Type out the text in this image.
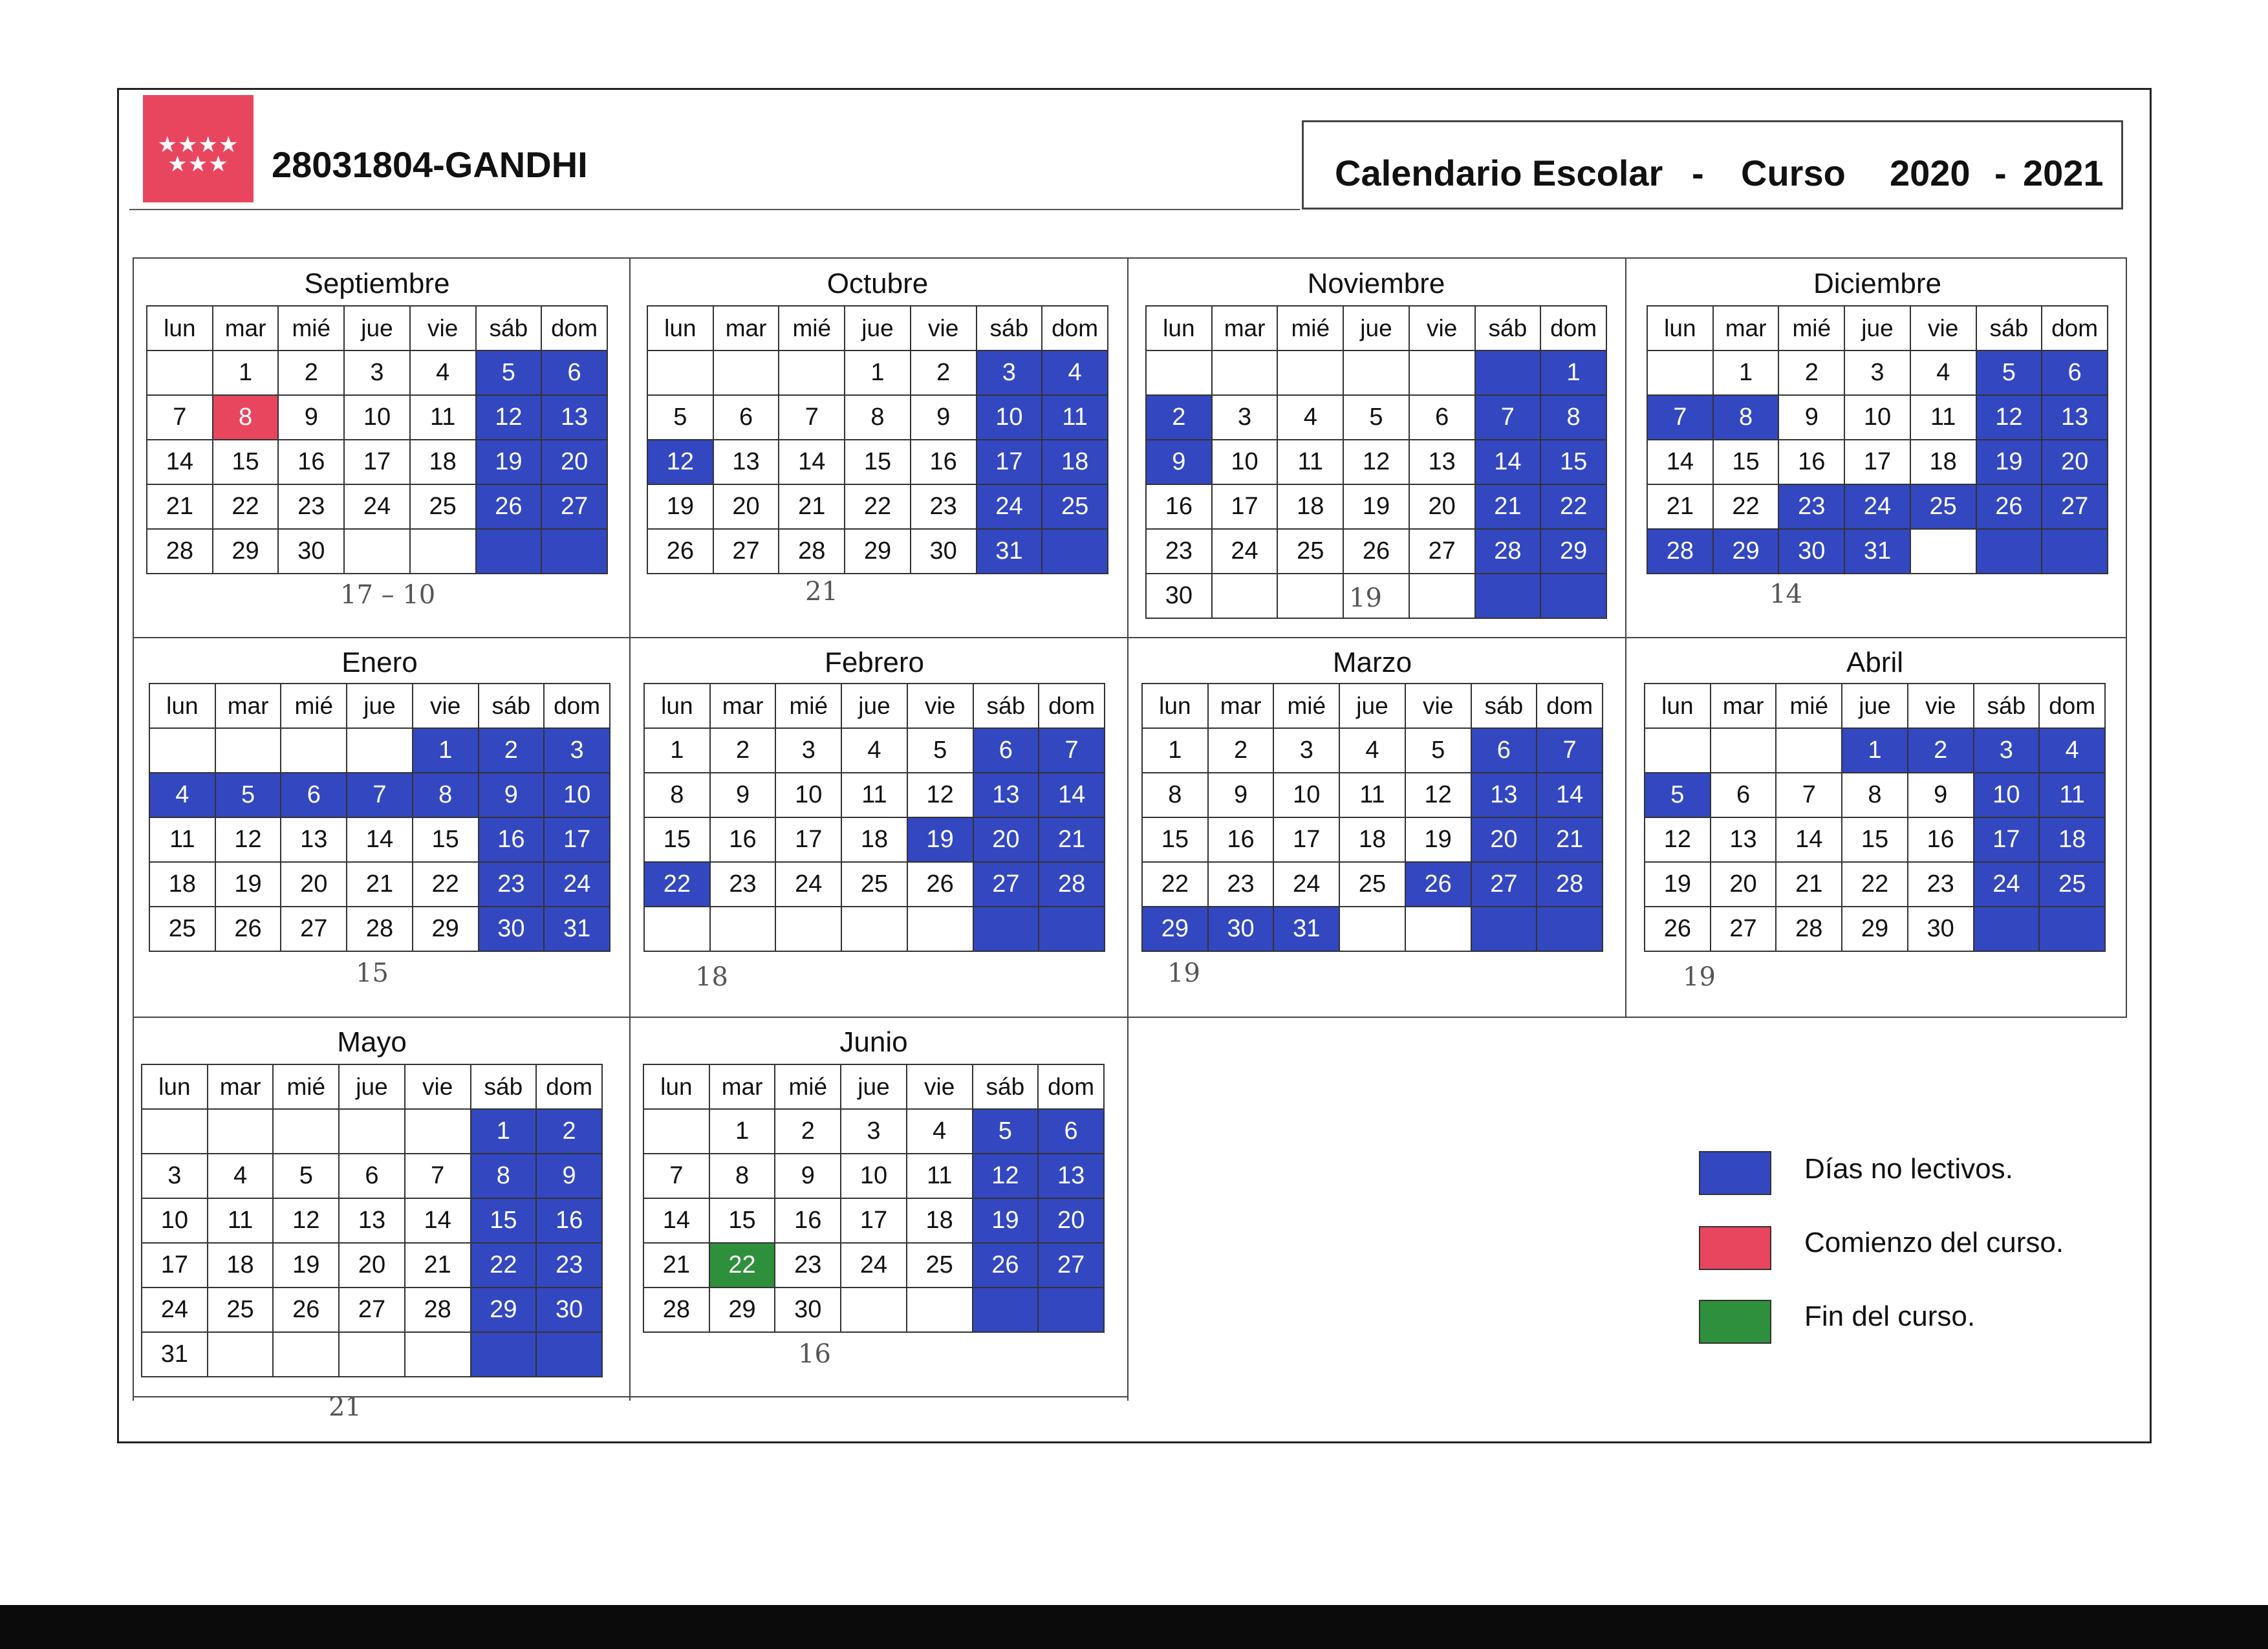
★★★★ ★★★	28031804-GANDHI	Calendario Escolar - Curso 2020 - 2021
Septiembre
lun	mar	mié	jue	vie	sáb	dom
	1	2	3	4	5	6
7	8	9	10	11	12	13
14	15	16	17	18	19	20
21	22	23	24	25	26	27
28	29	30				
17 – 10
Octubre
lun	mar	mié	jue	vie	sáb	dom
			1	2	3	4
5	6	7	8	9	10	11
12	13	14	15	16	17	18
19	20	21	22	23	24	25
26	27	28	29	30	31	
21
Noviembre
lun	mar	mié	jue	vie	sáb	dom
						1
2	3	4	5	6	7	8
9	10	11	12	13	14	15
16	17	18	19	20	21	22
23	24	25	26	27	28	29
30							19
Diciembre
lun	mar	mié	jue	vie	sáb	dom
	1	2	3	4	5	6
7	8	9	10	11	12	13
14	15	16	17	18	19	20
21	22	23	24	25	26	27
28	29	30	31			
14
Enero
lun	mar	mié	jue	vie	sáb	dom
				1	2	3
4	5	6	7	8	9	10
11	12	13	14	15	16	17
18	19	20	21	22	23	24
25	26	27	28	29	30	31
15
Febrero
lun	mar	mié	jue	vie	sáb	dom
1	2	3	4	5	6	7
8	9	10	11	12	13	14
15	16	17	18	19	20	21
22	23	24	25	26	27	28

18
Marzo
lun	mar	mié	jue	vie	sáb	dom
1	2	3	4	5	6	7
8	9	10	11	12	13	14
15	16	17	18	19	20	21
22	23	24	25	26	27	28
29	30	31				
19
Abril
lun	mar	mié	jue	vie	sáb	dom
			1	2	3	4
5	6	7	8	9	10	11
12	13	14	15	16	17	18
19	20	21	22	23	24	25
26	27	28	29	30		
19
Mayo
lun	mar	mié	jue	vie	sáb	dom
					1	2
3	4	5	6	7	8	9
10	11	12	13	14	15	16
17	18	19	20	21	22	23
24	25	26	27	28	29	30
31						
21
Junio
lun	mar	mié	jue	vie	sáb	dom
	1	2	3	4	5	6
7	8	9	10	11	12	13
14	15	16	17	18	19	20
21	22	23	24	25	26	27
28	29	30				
16
Días no lectivos.
Comienzo del curso.
Fin del curso.
